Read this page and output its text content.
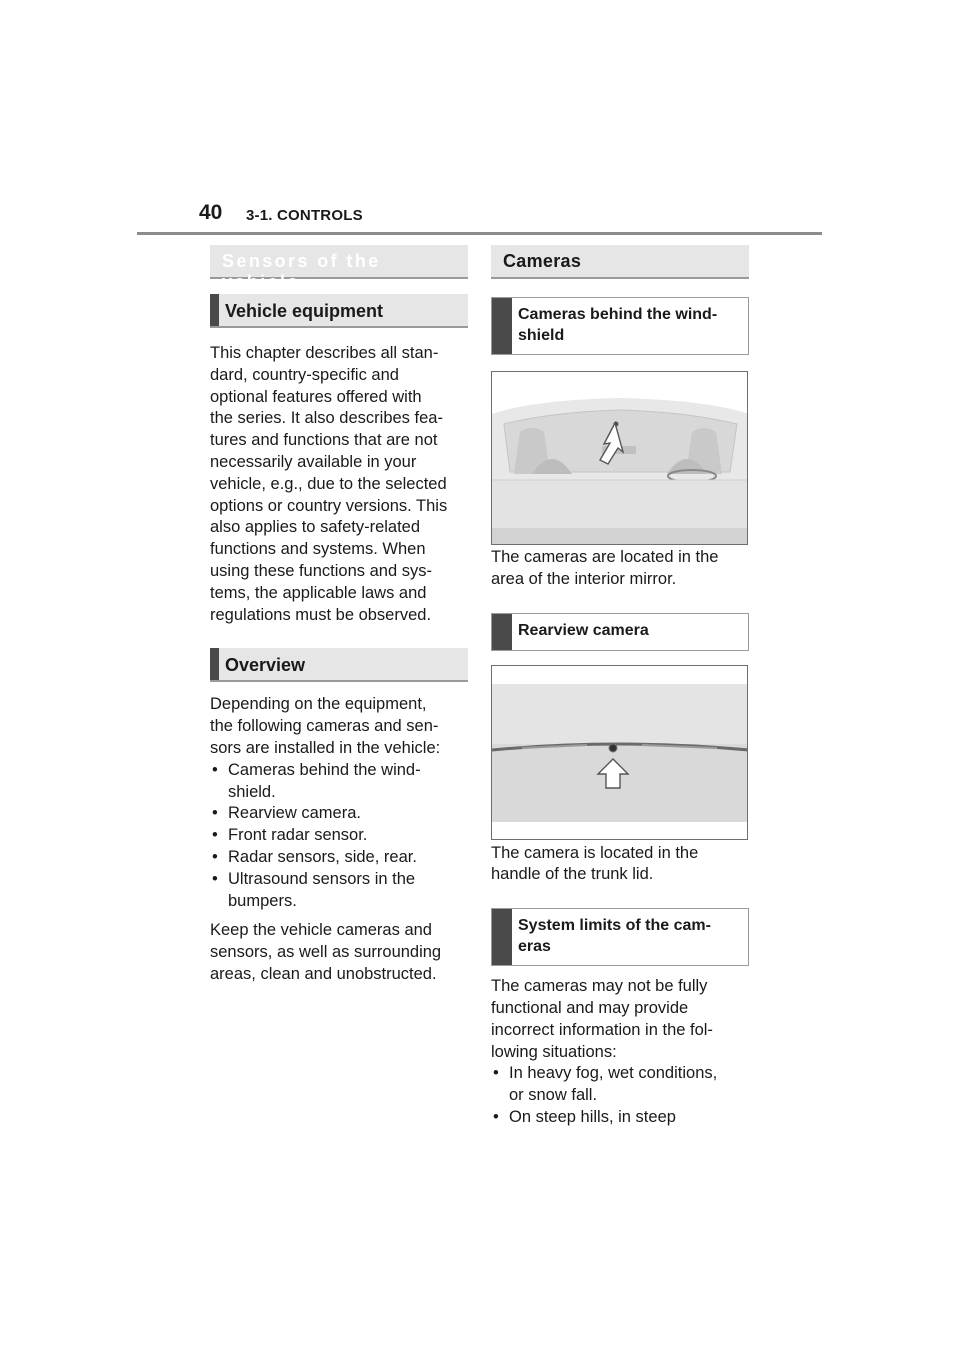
40 3-1. CONTROLS
Sensors of the vehicle
Vehicle equipment

This chapter describes all stan-
dard, country-specific and
optional features offered with
the series. It also describes fea-
tures and functions that are not
necessarily available in your
vehicle, e.g., due to the selected
options or country versions. This
also applies to safety-related
functions and systems. When
using these functions and sys-
tems, the applicable laws and
regulations must be observed.

Overview

Depending on the equipment,
the following cameras and sen-
sors are installed in the vehicle:

• Cameras behind the wind-
shield.
• Rearview camera.
• Front radar sensor.
• Radar sensors, side, rear.
• Ultrasound sensors in the
bumpers.

Keep the vehicle cameras and
sensors, as well as surrounding
areas, clean and unobstructed.

Cameras
Cameras behind the wind-
shield

The cameras are located in the
area of the interior mirror.

Rearview camera

The camera is located in the
handle of the trunk lid.

System limits of the cam-
eras

The cameras may not be fully
functional and may provide
incorrect information in the fol-
lowing situations:

• In heavy fog, wet conditions,
or snow fall.
• On steep hills, in steep
